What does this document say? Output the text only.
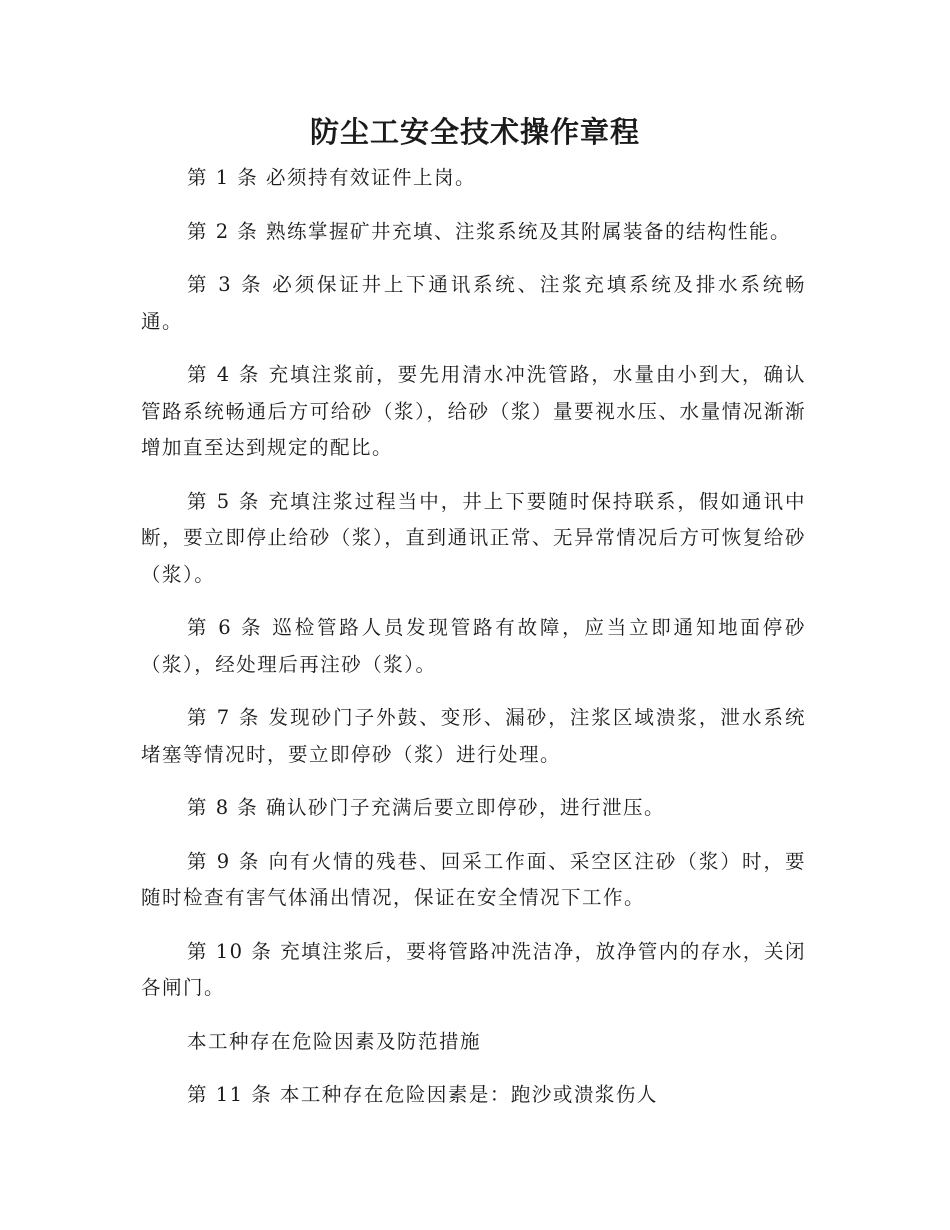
防尘工安全技术操作章程

第 1 条 必须持有效证件上岗。

第 2 条 熟练掌握矿井充填、注浆系统及其附属装备的结构性能。

第 3 条 必须保证井上下通讯系统、注浆充填系统及排水系统畅通。

第 4 条 充填注浆前，要先用清水冲洗管路，水量由小到大，确认管路系统畅通后方可给砂（浆），给砂（浆）量要视水压、水量情况渐渐增加直至达到规定的配比。

第 5 条 充填注浆过程当中，井上下要随时保持联系，假如通讯中断，要立即停止给砂（浆），直到通讯正常、无异常情况后方可恢复给砂（浆）。

第 6 条 巡检管路人员发现管路有故障，应当立即通知地面停砂（浆），经处理后再注砂（浆）。

第 7 条 发现砂门子外鼓、变形、漏砂，注浆区域溃浆，泄水系统堵塞等情况时，要立即停砂（浆）进行处理。

第 8 条 确认砂门子充满后要立即停砂，进行泄压。

第 9 条 向有火情的残巷、回采工作面、采空区注砂（浆）时，要随时检查有害气体涌出情况，保证在安全情况下工作。

第 10 条 充填注浆后，要将管路冲洗洁净，放净管内的存水，关闭各闸门。

本工种存在危险因素及防范措施

第 11 条 本工种存在危险因素是：跑沙或溃浆伤人
